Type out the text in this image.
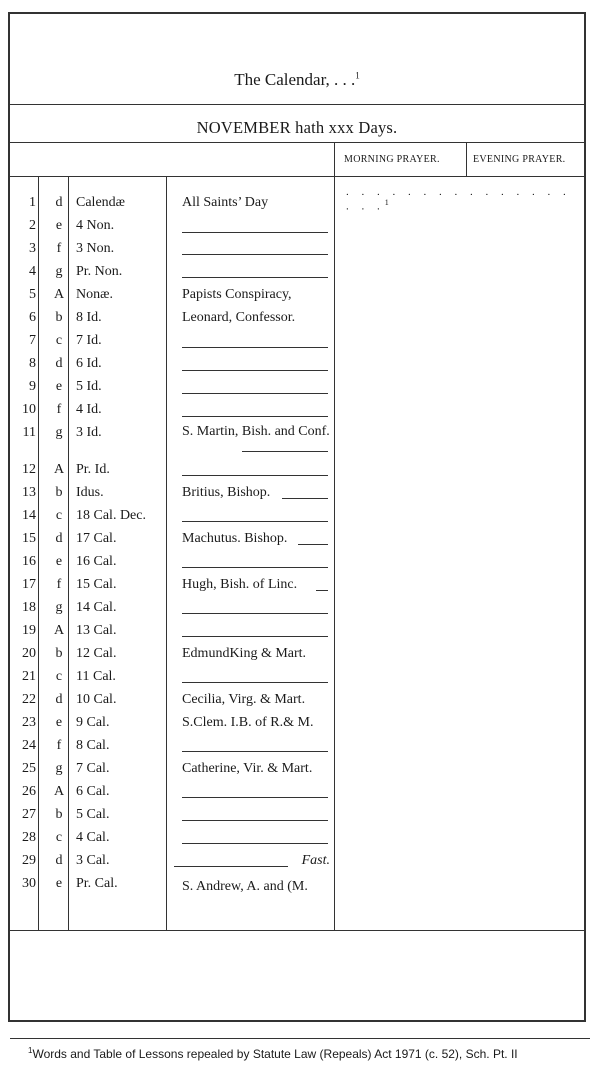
The Calendar, . . .$^1$
NOVEMBER hath xxx Days.
MORNING PRAYER.	EVENING PRAYER.
. . . . . . . . . . . . . . . . . .$^1$
1	d Calendæ	All Saints’ Day
2	e 4 Non.
3	f	3 Non.
4	g Pr. Non.
5	A Nonæ.	Papists Conspiracy,
6	b 8 Id.	Leonard, Confessor.
7	c 7 Id.
8	d 6 Id.
9	e 5 Id.
10	f	4 Id.
11	g 3 Id.	S. Martin, Bish. and Conf.
12	A Pr. Id.
13	b Idus.	Britius, Bishop.
14	c 18 Cal. Dec.
15	d 17 Cal.	Machutus. Bishop.
16	e 16 Cal.
17	f	15 Cal.	Hugh, Bish. of Linc.
18	g 14 Cal.
19	A 13 Cal.
20	b 12 Cal.	EdmundKing & Mart.
21	c 11 Cal.
22	d 10 Cal.	Cecilia, Virg. & Mart.
23	e 9 Cal.	S.Clem. I.B. of R.& M.
24	f	8 Cal.
25	g 7 Cal.	Catherine, Vir. & Mart.
26	A 6 Cal.
27	b 5 Cal.
28	c 4 Cal.
29	d 3 Cal.	Fast.
30	e Pr. Cal.	S. Andrew, A. and (M.
$^1$Words and Table of Lessons repealed by Statute Law (Repeals) Act 1971 (c. 52), Sch. Pt. II
